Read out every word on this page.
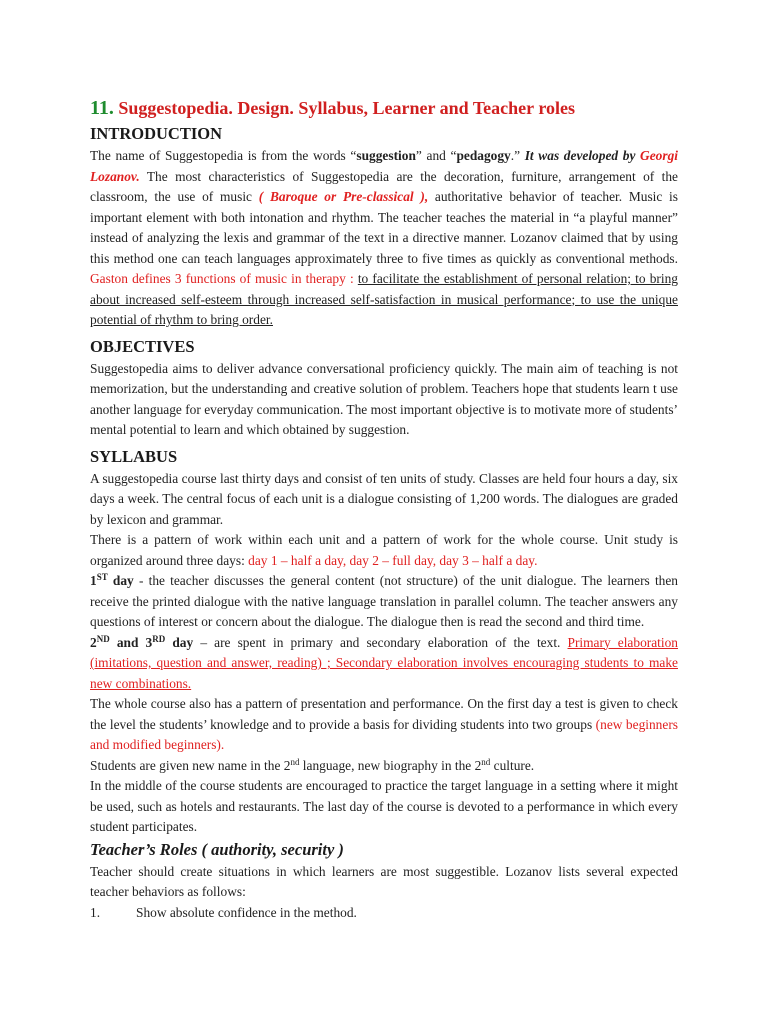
11. Suggestopedia. Design. Syllabus, Learner and Teacher roles
INTRODUCTION

The name of Suggestopedia is from the words “suggestion” and “pedagogy.” It was developed by Georgi Lozanov. The most characteristics of Suggestopedia are the decoration, furniture, arrangement of the classroom, the use of music ( Baroque or Pre-classical ), authoritative behavior of teacher. Music is important element with both intonation and rhythm. The teacher teaches the material in “a playful manner” instead of analyzing the lexis and grammar of the text in a directive manner. Lozanov claimed that by using this method one can teach languages approximately three to five times as quickly as conventional methods. Gaston defines 3 functions of music in therapy : to facilitate the establishment of personal relation; to bring about increased self-esteem through increased self-satisfaction in musical performance; to use the unique potential of rhythm to bring order.

OBJECTIVES

Suggestopedia aims to deliver advance conversational proficiency quickly. The main aim of teaching is not memorization, but the understanding and creative solution of problem. Teachers hope that students learn t use another language for everyday communication. The most important objective is to motivate more of students’ mental potential to learn and which obtained by suggestion.

SYLLABUS

A suggestopedia course last thirty days and consist of ten units of study. Classes are held four hours a day, six days a week. The central focus of each unit is a dialogue consisting of 1,200 words. The dialogues are graded by lexicon and grammar.

There is a pattern of work within each unit and a pattern of work for the whole course. Unit study is organized around three days: day 1 – half a day, day 2 – full day, day 3 – half a day.

1ST day - the teacher discusses the general content (not structure) of the unit dialogue. The learners then receive the printed dialogue with the native language translation in parallel column. The teacher answers any questions of interest or concern about the dialogue. The dialogue then is read the second and third time.

2ND and 3RD day – are spent in primary and secondary elaboration of the text. Primary elaboration (imitations, question and answer, reading) ; Secondary elaboration involves encouraging students to make new combinations.

The whole course also has a pattern of presentation and performance. On the first day a test is given to check the level the students’ knowledge and to provide a basis for dividing students into two groups (new beginners and modified beginners).

Students are given new name in the 2nd language, new biography in the 2nd culture.

In the middle of the course students are encouraged to practice the target language in a setting where it might be used, such as hotels and restaurants. The last day of the course is devoted to a performance in which every student participates.

Teacher’s Roles ( authority, security )

Teacher should create situations in which learners are most suggestible. Lozanov lists several expected teacher behaviors as follows:

1.	Show absolute confidence in the method.
